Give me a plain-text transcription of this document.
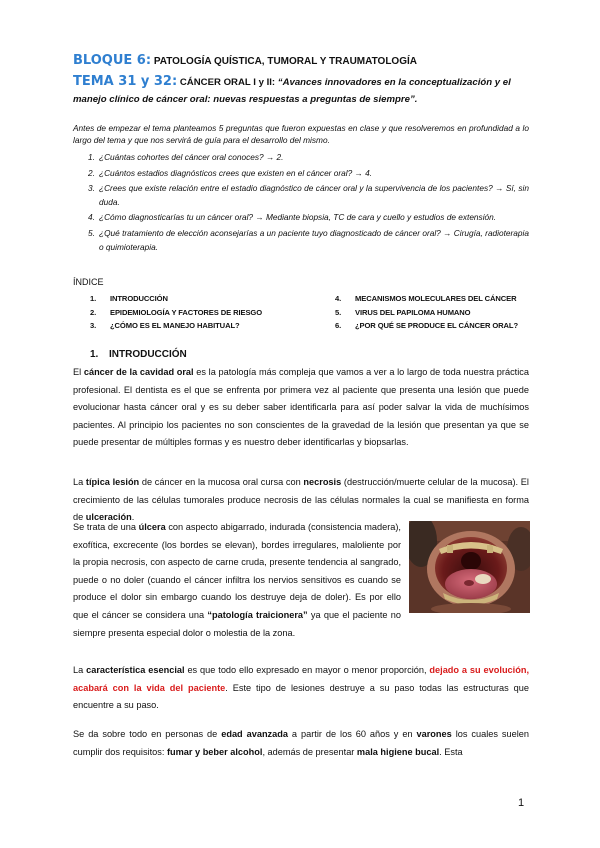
BLOQUE 6: PATOLOGÍA QUÍSTICA, TUMORAL Y TRAUMATOLOGÍA
TEMA 31 y 32: CÁNCER ORAL I y II: “Avances innovadores en la conceptualización y el manejo clínico de cáncer oral: nuevas respuestas a preguntas de siempre”.
Antes de empezar el tema planteamos 5 preguntas que fueron expuestas en clase y que resolveremos en profundidad a lo largo del tema y que nos servirá de guía para el desarrollo del mismo.
1. ¿Cuántas cohortes del cáncer oral conoces? → 2.
2. ¿Cuántos estadios diagnósticos crees que existen en el cáncer oral? → 4.
3. ¿Crees que existe relación entre el estadio diagnóstico de cáncer oral y la supervivencia de los pacientes? → Sí, sin duda.
4. ¿Cómo diagnosticarías tu un cáncer oral? → Mediante biopsia, TC de cara y cuello y estudios de extensión.
5. ¿Qué tratamiento de elección aconsejarías a un paciente tuyo diagnosticado de cáncer oral? → Cirugía, radioterapia o quimioterapia.
ÍNDICE
1. INTRODUCCIÓN
2. EPIDEMIOLOGÍA Y FACTORES DE RIESGO
3. ¿CÓMO ES EL MANEJO HABITUAL?
4. MECANISMOS MOLECULARES DEL CÁNCER
5. VIRUS DEL PAPILOMA HUMANO
6. ¿POR QUÉ SE PRODUCE EL CÁNCER ORAL?
1. INTRODUCCIÓN
El cáncer de la cavidad oral es la patología más compleja que vamos a ver a lo largo de toda nuestra práctica profesional. El dentista es el que se enfrenta por primera vez al paciente que presenta una lesión que puede evolucionar hasta cáncer oral y es su deber saber identificarla para así poder salvar la vida de muchísimos pacientes. Al principio los pacientes no son conscientes de la gravedad de la lesión que presentan ya que se puede presentar de múltiples formas y es nuestro deber identificarlas y biopsarlas.
La típica lesión de cáncer en la mucosa oral cursa con necrosis (destrucción/muerte celular de la mucosa). El crecimiento de las células tumorales produce necrosis de las células normales la cual se manifiesta en forma de ulceración.
Se trata de una úlcera con aspecto abigarrado, indurada (consistencia madera), exofítica, excrecente (los bordes se elevan), bordes irregulares, maloliente por la propia necrosis, con aspecto de carne cruda, presente tendencia al sangrado, puede o no doler (cuando el cáncer infiltra los nervios sensitivos es cuando se produce el dolor sin embargo cuando los destruye deja de doler). Es por ello que el cáncer se considera una “patología traicionera” ya que el paciente no siempre presenta especial dolor o molestia de la zona.
La característica esencial es que todo ello expresado en mayor o menor proporción, dejado a su evolución, acabará con la vida del paciente. Este tipo de lesiones destruye a su paso todas las estructuras que encuentre a su paso.
Se da sobre todo en personas de edad avanzada a partir de los 60 años y en varones los cuales suelen cumplir dos requisitos: fumar y beber alcohol, además de presentar mala higiene bucal. Esta
1
